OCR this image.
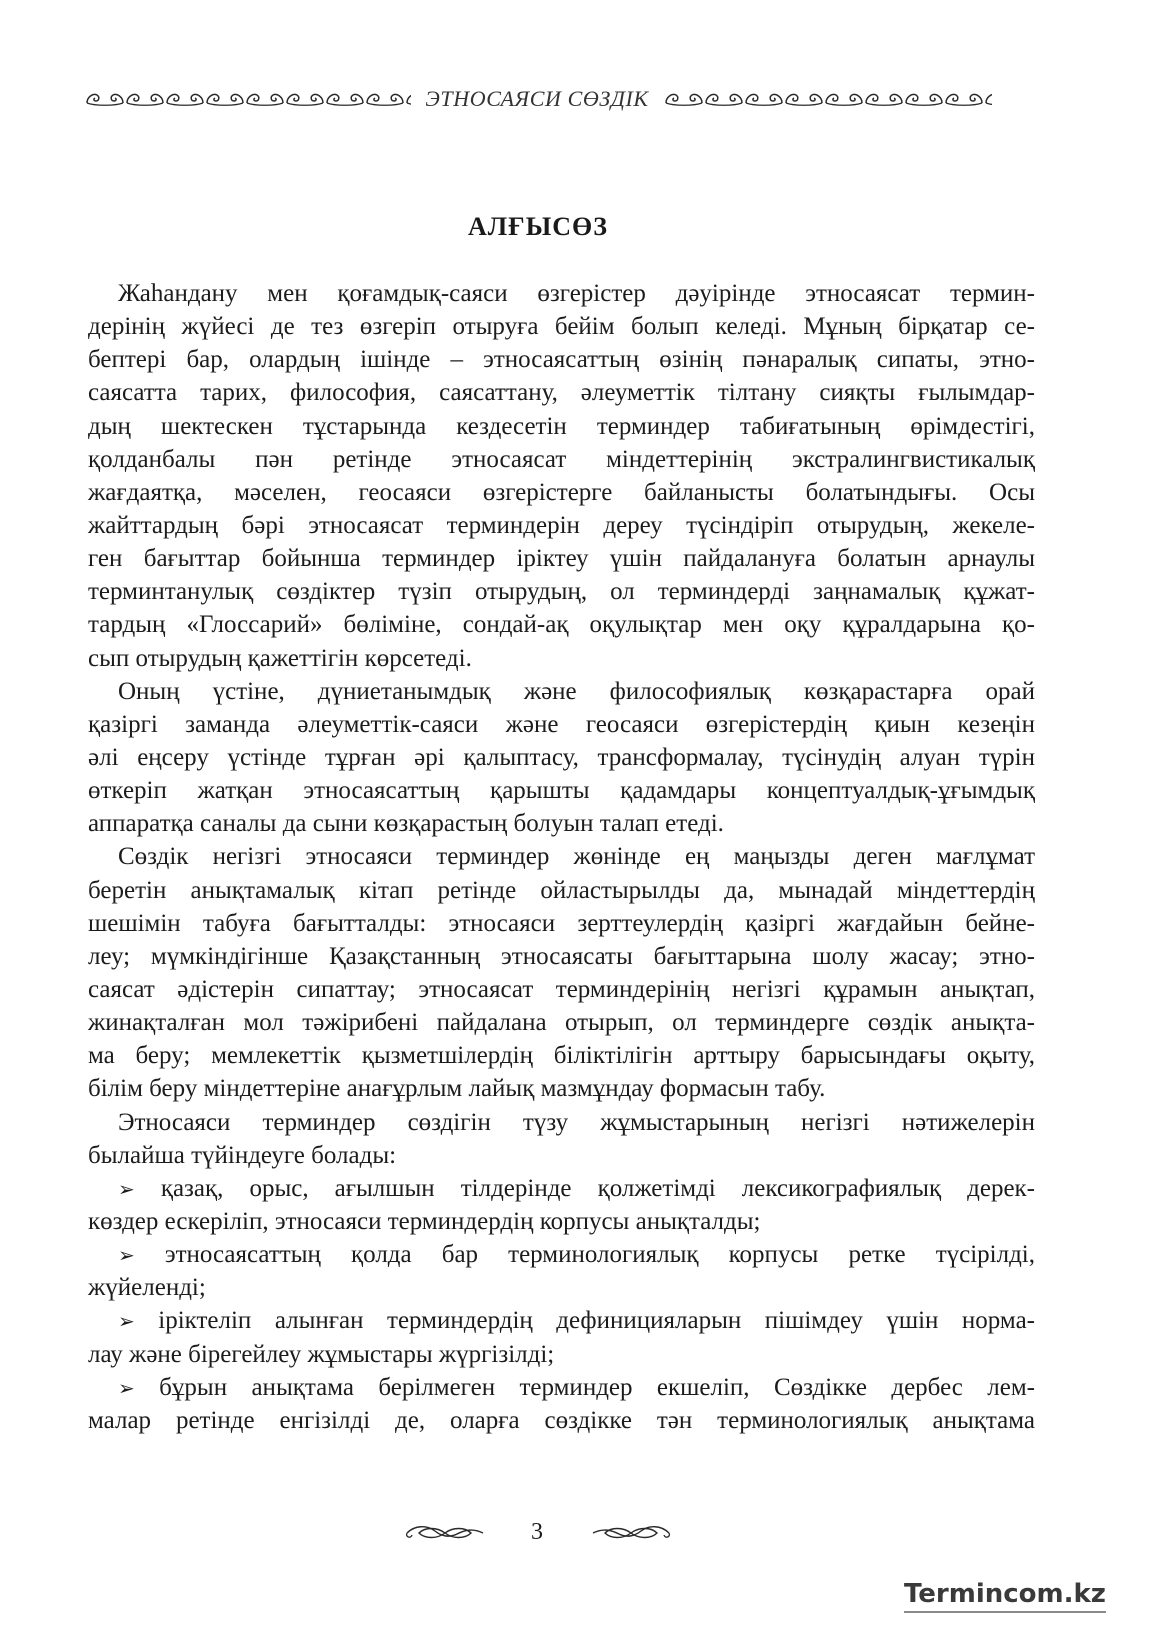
ЭТНОСАЯСИ СӨЗДІК
АЛҒЫСӨЗ
Жаһандану мен қоғамдық-саяси өзгерістер дәуірінде этносаясат термин-
дерінің жүйесі де тез өзгеріп отыруға бейім болып келеді. Мұның бірқатар се-
бептері бар, олардың ішінде – этносаясаттың өзінің пәнаралық сипаты, этно-
саясатта тарих, философия, саясаттану, әлеуметтік тілтану сияқты ғылымдар-
дың шектескен тұстарында кездесетін терминдер табиғатының өрімдестігі,
қолданбалы пән ретінде этносаясат міндеттерінің экстралингвистикалық
жағдаятқа, мәселен, геосаяси өзгерістерге байланысты болатындығы. Осы
жайттардың бәрі этносаясат терминдерін дереу түсіндіріп отырудың, жекеле-
ген бағыттар бойынша терминдер іріктеу үшін пайдалануға болатын арнаулы
терминтанулық сөздіктер түзіп отырудың, ол терминдерді заңнамалық құжат-
тардың «Глоссарий» бөліміне, сондай-ақ оқулықтар мен оқу құралдарына қо-
сып отырудың қажеттігін көрсетеді.
Оның үстіне, дүниетанымдық және философиялық көзқарастарға орай
қазіргі заманда әлеуметтік-саяси және геосаяси өзгерістердің қиын кезеңін
әлі еңсеру үстінде тұрған әрі қалыптасу, трансформалау, түсінудің алуан түрін
өткеріп жатқан этносаясаттың қарышты қадамдары концептуалдық-ұғымдық
аппаратқа саналы да сыни көзқарастың болуын талап етеді.
Сөздік негізгі этносаяси терминдер жөнінде ең маңызды деген мағлұмат
беретін анықтамалық кітап ретінде ойластырылды да, мынадай міндеттердің
шешімін табуға бағытталды: этносаяси зерттеулердің қазіргі жағдайын бейне-
леу; мүмкіндігінше Қазақстанның этносаясаты бағыттарына шолу жасау; этно-
саясат әдістерін сипаттау; этносаясат терминдерінің негізгі құрамын анықтап,
жинақталған мол тәжірибені пайдалана отырып, ол терминдерге сөздік анықта-
ма беру; мемлекеттік қызметшілердің біліктілігін арттыру барысындағы оқыту,
білім беру міндеттеріне анағұрлым лайық мазмұндау формасын табу.
Этносаяси терминдер сөздігін түзу жұмыстарының негізгі нәтижелерін
былайша түйіндеуге болады:
➢ қазақ, орыс, ағылшын тілдерінде қолжетімді лексикографиялық дерек-
көздер ескеріліп, этносаяси терминдердің корпусы анықталды;
➢ этносаясаттың қолда бар терминологиялық корпусы ретке түсірілді,
жүйеленді;
➢ іріктеліп алынған терминдердің дефиницияларын пішімдеу үшін норма-
лау және бірегейлеу жұмыстары жүргізілді;
➢ бұрын анықтама берілмеген терминдер екшеліп, Сөздікке дербес лем-
малар ретінде енгізілді де, оларға сөздікке тән терминологиялық анықтама
3
Termincom.kz
